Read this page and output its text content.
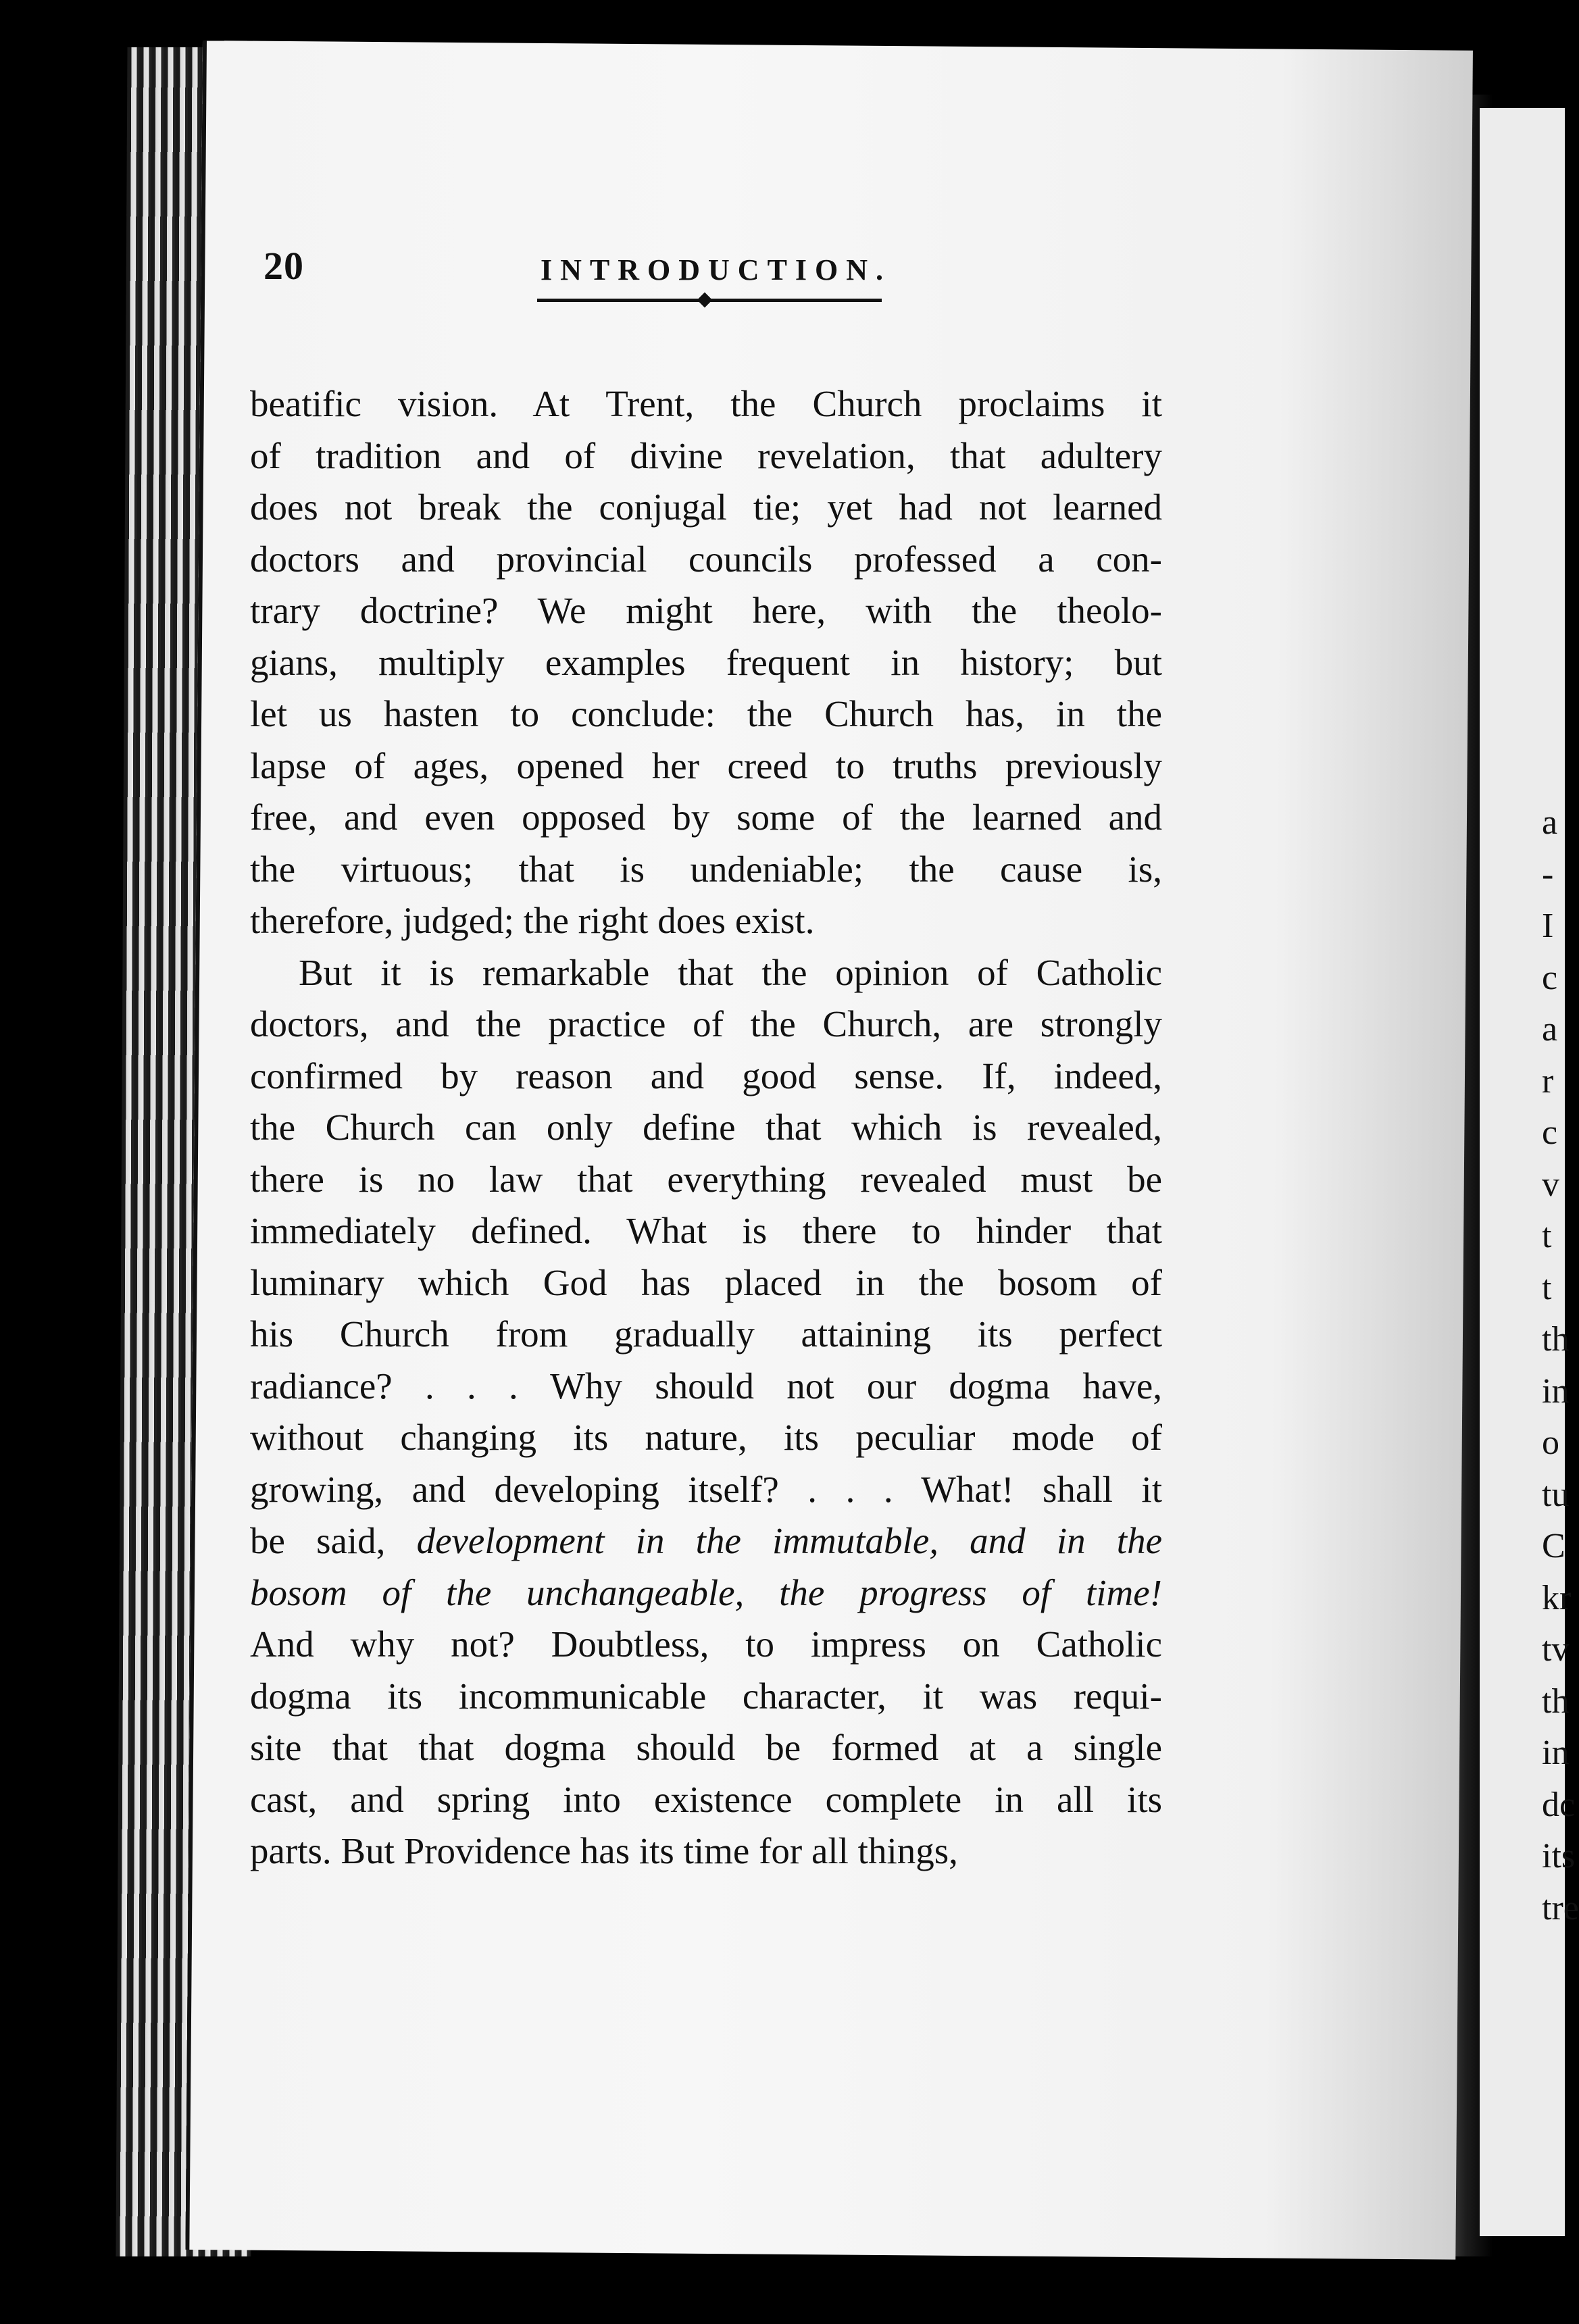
a
-
I
c
a
r
c
v
t
t
th
in
o
tu
C
kr
tv
th
in
dc
its
tre
20	INTRODUCTION.

beatific vision. At Trent, the Church proclaims it
of tradition and of divine revelation, that adultery
does not break the conjugal tie; yet had not learned
doctors and provincial councils professed a con-
trary doctrine? We might here, with the theolo-
gians, multiply examples frequent in history; but
let us hasten to conclude: the Church has, in the
lapse of ages, opened her creed to truths previously
free, and even opposed by some of the learned and
the virtuous; that is undeniable; the cause is,
therefore, judged; the right does exist.

But it is remarkable that the opinion of Catholic
doctors, and the practice of the Church, are strongly
confirmed by reason and good sense. If, indeed,
the Church can only define that which is revealed,
there is no law that everything revealed must be
immediately defined. What is there to hinder that
luminary which God has placed in the bosom of
his Church from gradually attaining its perfect
radiance? . . . Why should not our dogma have,
without changing its nature, its peculiar mode of
growing, and developing itself? . . . What! shall it
be said, development in the immutable, and in the
bosom of the unchangeable, the progress of time!
And why not? Doubtless, to impress on Catholic
dogma its incommunicable character, it was requi-
site that that dogma should be formed at a single
cast, and spring into existence complete in all its
parts. But Providence has its time for all things,
